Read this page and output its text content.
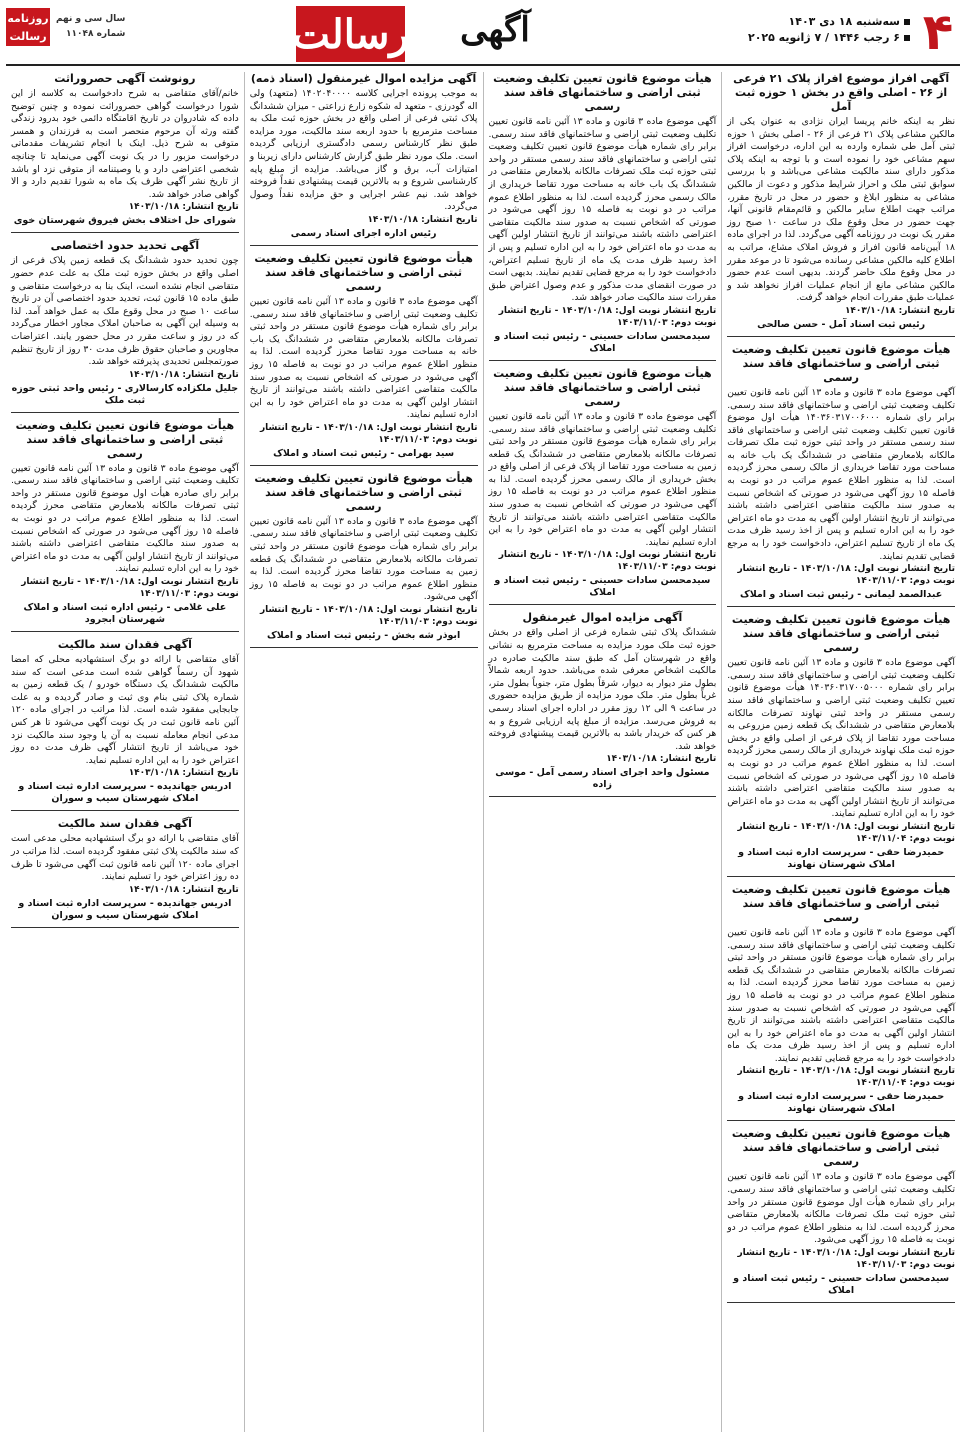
۴
سه‌شنبه ۱۸ دی ۱۴۰۳
۶ رجب ۱۴۴۶ / ۷ ژانویه ۲۰۲۵
آگهی
رسالت
روزنامه رسالت
سال سی و نهم
شماره ۱۱۰۴۸
آگهی افراز موضوع افراز پلاک ۲۱ فرعی از ۲۶ - اصلی واقع در بخش ۱ حوزه ثبت آمل
نظر به اینکه خانم پریسا ایران نژادی به عنوان یکی از مالکین مشاعی پلاک ۲۱ فرعی از ۲۶ - اصلی بخش ۱ حوزه ثبتی آمل طی شماره وارده به این اداره، درخواست افراز سهم مشاعی خود را نموده است و با توجه به اینکه پلاک مذکور دارای سند مالکیت مشاعی می‌باشد و با بررسی سوابق ثبتی ملک و احراز شرایط مذکور و دعوت از مالکین مشاعی به منظور ابلاغ و حضور در محل در تاریخ مقرر، مراتب جهت اطلاع سایر مالکین و قائم‌مقام قانونی آنها، جهت حضور در محل وقوع ملک در ساعت ۱۰ صبح روز مقرر یک نوبت در روزنامه آگهی می‌گردد. لذا در اجرای ماده ۱۸ آیین‌نامه قانون افراز و فروش املاک مشاع، مراتب به اطلاع کلیه مالکین مشاعی رسانده می‌شود تا در موعد مقرر در محل وقوع ملک حاضر گردند. بدیهی است عدم حضور مالکین مشاعی مانع از انجام عملیات افراز نخواهد شد و عملیات طبق مقررات انجام خواهد گرفت.
تاریخ انتشار: ۱۴۰۳/۱۰/۱۸
رئیس ثبت اسناد آمل - حسن صالحی
هیأت موضوع قانون تعیین تکلیف وضعیت ثبتی اراضی و ساختمانهای فاقد سند رسمی
آگهی موضوع ماده ۳ قانون و ماده ۱۳ آئین نامه قانون تعیین تکلیف وضعیت ثبتی اراضی و ساختمانهای فاقد سند رسمی. برابر رای شماره ۱۴۰۳۶۰۳۱۷۰۰۶۰۰۰ هیأت اول موضوع قانون تعیین تکلیف وضعیت ثبتی اراضی و ساختمانهای فاقد سند رسمی مستقر در واحد ثبتی حوزه ثبت ملک تصرفات مالکانه بلامعارض متقاضی در ششدانگ یک باب خانه به مساحت مورد تقاضا خریداری از مالک رسمی محرز گردیده است. لذا به منظور اطلاع عموم مراتب در دو نوبت به فاصله ۱۵ روز آگهی می‌شود در صورتی که اشخاص نسبت به صدور سند مالکیت متقاضی اعتراضی داشته باشند می‌توانند از تاریخ انتشار اولین آگهی به مدت دو ماه اعتراض خود را به این اداره تسلیم و پس از اخذ رسید ظرف مدت یک ماه از تاریخ تسلیم اعتراض، دادخواست خود را به مرجع قضایی تقدیم نمایند.
تاریخ انتشار نوبت اول: ۱۴۰۳/۱۰/۱۸ - تاریخ انتشار نوبت دوم: ۱۴۰۳/۱۱/۰۳
عبدالصمد لیمانی - رئیس ثبت اسناد و املاک
هیأت موضوع قانون تعیین تکلیف وضعیت ثبتی اراضی و ساختمانهای فاقد سند رسمی
آگهی موضوع ماده ۳ قانون و ماده ۱۳ آئین نامه قانون تعیین تکلیف وضعیت ثبتی اراضی و ساختمانهای فاقد سند رسمی. برابر رای شماره ۱۴۰۳۶۰۳۱۷۰۰۵۰۰۰ هیأت موضوع قانون تعیین تکلیف وضعیت ثبتی اراضی و ساختمانهای فاقد سند رسمی مستقر در واحد ثبتی نهاوند تصرفات مالکانه بلامعارض متقاضی در ششدانگ یک قطعه زمین مزروعی به مساحت مورد تقاضا از پلاک فرعی از اصلی واقع در بخش حوزه ثبت ملک نهاوند خریداری از مالک رسمی محرز گردیده است. لذا به منظور اطلاع عموم مراتب در دو نوبت به فاصله ۱۵ روز آگهی می‌شود در صورتی که اشخاص نسبت به صدور سند مالکیت متقاضی اعتراضی داشته باشند می‌توانند از تاریخ انتشار اولین آگهی به مدت دو ماه اعتراض خود را به این اداره تسلیم نمایند.
تاریخ انتشار نوبت اول: ۱۴۰۳/۱۰/۱۸ - تاریخ انتشار نوبت دوم: ۱۴۰۳/۱۱/۰۴
حمیدرضا حقی - سرپرست اداره ثبت اسناد و املاک شهرستان نهاوند
هیأت موضوع قانون تعیین تکلیف وضعیت ثبتی اراضی و ساختمانهای فاقد سند رسمی
آگهی موضوع ماده ۳ قانون و ماده ۱۳ آئین نامه قانون تعیین تکلیف وضعیت ثبتی اراضی و ساختمانهای فاقد سند رسمی. برابر رای شماره هیأت موضوع قانون مستقر در واحد ثبتی تصرفات مالکانه بلامعارض متقاضی در ششدانگ یک قطعه زمین به مساحت مورد تقاضا محرز گردیده است. لذا به منظور اطلاع عموم مراتب در دو نوبت به فاصله ۱۵ روز آگهی می‌شود در صورتی که اشخاص نسبت به صدور سند مالکیت متقاضی اعتراضی داشته باشند می‌توانند از تاریخ انتشار اولین آگهی به مدت دو ماه اعتراض خود را به این اداره تسلیم و پس از اخذ رسید ظرف مدت یک ماه دادخواست خود را به مرجع قضایی تقدیم نمایند.
تاریخ انتشار نوبت اول: ۱۴۰۳/۱۰/۱۸ - تاریخ انتشار نوبت دوم: ۱۴۰۳/۱۱/۰۴
حمیدرضا حقی - سرپرست اداره ثبت اسناد و املاک شهرستان نهاوند
هیأت موضوع قانون تعیین تکلیف وضعیت ثبتی اراضی و ساختمانهای فاقد سند رسمی
آگهی موضوع ماده ۳ قانون و ماده ۱۳ آئین نامه قانون تعیین تکلیف وضعیت ثبتی اراضی و ساختمانهای فاقد سند رسمی. برابر رای شماره هیأت اول موضوع قانون مستقر در واحد ثبتی حوزه ثبت ملک تصرفات مالکانه بلامعارض متقاضی محرز گردیده است. لذا به منظور اطلاع عموم مراتب در دو نوبت به فاصله ۱۵ روز آگهی می‌شود.
تاریخ انتشار نوبت اول: ۱۴۰۳/۱۰/۱۸ - تاریخ انتشار نوبت دوم: ۱۴۰۳/۱۱/۰۳
سیدمحسن سادات حسینی - رئیس ثبت اسناد و املاک
هیأت موضوع قانون تعیین تکلیف وضعیت ثبتی اراضی و ساختمانهای فاقد سند رسمی
آگهی موضوع ماده ۳ قانون و ماده ۱۳ آئین نامه قانون تعیین تکلیف وضعیت ثبتی اراضی و ساختمانهای فاقد سند رسمی. برابر رای شماره هیأت موضوع قانون تعیین تکلیف وضعیت ثبتی اراضی و ساختمانهای فاقد سند رسمی مستقر در واحد ثبتی حوزه ثبت ملک تصرفات مالکانه بلامعارض متقاضی در ششدانگ یک باب خانه به مساحت مورد تقاضا خریداری از مالک رسمی محرز گردیده است. لذا به منظور اطلاع عموم مراتب در دو نوبت به فاصله ۱۵ روز آگهی می‌شود در صورتی که اشخاص نسبت به صدور سند مالکیت متقاضی اعتراضی داشته باشند می‌توانند از تاریخ انتشار اولین آگهی به مدت دو ماه اعتراض خود را به این اداره تسلیم و پس از اخذ رسید ظرف مدت یک ماه از تاریخ تسلیم اعتراض، دادخواست خود را به مرجع قضایی تقدیم نمایند. بدیهی است در صورت انقضای مدت مذکور و عدم وصول اعتراض طبق مقررات سند مالکیت صادر خواهد شد.
تاریخ انتشار نوبت اول: ۱۴۰۳/۱۰/۱۸ - تاریخ انتشار نوبت دوم: ۱۴۰۳/۱۱/۰۳
سیدمحسن سادات حسینی - رئیس ثبت اسناد و املاک
هیأت موضوع قانون تعیین تکلیف وضعیت ثبتی اراضی و ساختمانهای فاقد سند رسمی
آگهی موضوع ماده ۳ قانون و ماده ۱۳ آئین نامه قانون تعیین تکلیف وضعیت ثبتی اراضی و ساختمانهای فاقد سند رسمی. برابر رای شماره هیأت موضوع قانون مستقر در واحد ثبتی تصرفات مالکانه بلامعارض متقاضی در ششدانگ یک قطعه زمین به مساحت مورد تقاضا از پلاک فرعی از اصلی واقع در بخش خریداری از مالک رسمی محرز گردیده است. لذا به منظور اطلاع عموم مراتب در دو نوبت به فاصله ۱۵ روز آگهی می‌شود در صورتی که اشخاص نسبت به صدور سند مالکیت متقاضی اعتراضی داشته باشند می‌توانند از تاریخ انتشار اولین آگهی به مدت دو ماه اعتراض خود را به این اداره تسلیم نمایند.
تاریخ انتشار نوبت اول: ۱۴۰۳/۱۰/۱۸ - تاریخ انتشار نوبت دوم: ۱۴۰۳/۱۱/۰۳
سیدمحسن سادات حسینی - رئیس ثبت اسناد و املاک
آگهی مزایده اموال غیرمنقول
ششدانگ پلاک ثبتی شماره فرعی از اصلی واقع در بخش حوزه ثبت ملک مورد مزایده به مساحت مترمربع به نشانی واقع در شهرستان آمل که طبق سند مالکیت صادره در مالکیت اشخاص معرفی شده می‌باشد. حدود اربعه شمالاً بطول متر دیوار به دیوار، شرقاً بطول متر، جنوباً بطول متر، غرباً بطول متر. ملک مورد مزایده از طریق مزایده حضوری در ساعت ۹ الی ۱۲ روز مقرر در اداره اجرای اسناد رسمی به فروش می‌رسد. مزایده از مبلغ پایه ارزیابی شروع و به هر کس که خریدار باشد به بالاترین قیمت پیشنهادی فروخته خواهد شد.
تاریخ انتشار: ۱۴۰۳/۱۰/۱۸
مسئول واحد اجرای اسناد رسمی آمل - موسی زاده
آگهی مزایده اموال غیرمنقول (اسناد ذمه)
به موجب پرونده اجرایی کلاسه ۱۴۰۲۰۴۰۰۰۰ (متعهد) ولی اله گودرزی - متعهد له شکوه زارع زراعتی - میزان ششدانگ پلاک ثبتی فرعی از اصلی واقع در بخش حوزه ثبت ملک به مساحت مترمربع با حدود اربعه سند مالکیت، مورد مزایده طبق نظر کارشناس رسمی دادگستری ارزیابی گردیده است. ملک مورد نظر طبق گزارش کارشناس دارای زیربنا و امتیازات آب، برق و گاز می‌باشد. مزایده از مبلغ پایه کارشناسی شروع و به بالاترین قیمت پیشنهادی نقداً فروخته خواهد شد. نیم عشر اجرایی و حق مزایده نقداً وصول می‌گردد.
تاریخ انتشار: ۱۴۰۳/۱۰/۱۸
رئیس اداره اجرای اسناد رسمی
هیأت موضوع قانون تعیین تکلیف وضعیت ثبتی اراضی و ساختمانهای فاقد سند رسمی
آگهی موضوع ماده ۳ قانون و ماده ۱۳ آئین نامه قانون تعیین تکلیف وضعیت ثبتی اراضی و ساختمانهای فاقد سند رسمی. برابر رای شماره هیأت موضوع قانون مستقر در واحد ثبتی تصرفات مالکانه بلامعارض متقاضی در ششدانگ یک باب خانه به مساحت مورد تقاضا محرز گردیده است. لذا به منظور اطلاع عموم مراتب در دو نوبت به فاصله ۱۵ روز آگهی می‌شود در صورتی که اشخاص نسبت به صدور سند مالکیت متقاضی اعتراضی داشته باشند می‌توانند از تاریخ انتشار اولین آگهی به مدت دو ماه اعتراض خود را به این اداره تسلیم نمایند.
تاریخ انتشار نوبت اول: ۱۴۰۳/۱۰/۱۸ - تاریخ انتشار نوبت دوم: ۱۴۰۳/۱۱/۰۳
سید بهرامی - رئیس ثبت اسناد و املاک
هیأت موضوع قانون تعیین تکلیف وضعیت ثبتی اراضی و ساختمانهای فاقد سند رسمی
آگهی موضوع ماده ۳ قانون و ماده ۱۳ آئین نامه قانون تعیین تکلیف وضعیت ثبتی اراضی و ساختمانهای فاقد سند رسمی. برابر رای شماره هیأت موضوع قانون مستقر در واحد ثبتی تصرفات مالکانه بلامعارض متقاضی در ششدانگ یک قطعه زمین به مساحت مورد تقاضا محرز گردیده است. لذا به منظور اطلاع عموم مراتب در دو نوبت به فاصله ۱۵ روز آگهی می‌شود.
تاریخ انتشار نوبت اول: ۱۴۰۳/۱۰/۱۸ - تاریخ انتشار نوبت دوم: ۱۴۰۳/۱۱/۰۳
ابوذر شه بخش - رئیس ثبت اسناد و املاک
رونوشت آگهی حصروراثت
خانم/آقای متقاضی به شرح دادخواست به کلاسه از این شورا درخواست گواهی حصروراثت نموده و چنین توضیح داده که شادروان در تاریخ اقامتگاه دائمی خود بدرود زندگی گفته ورثه آن مرحوم منحصر است به فرزندان و همسر متوفی به شرح ذیل. اینک با انجام تشریفات مقدماتی درخواست مزبور را در یک نوبت آگهی می‌نماید تا چنانچه شخصی اعتراضی دارد و یا وصیتنامه از متوفی نزد او باشد از تاریخ نشر آگهی ظرف یک ماه به شورا تقدیم دارد و الا گواهی صادر خواهد شد.
تاریخ انتشار: ۱۴۰۳/۱۰/۱۸
شورای حل اختلاف بخش فیروق شهرستان خوی
آگهی تحدید حدود اختصاصی
چون تحدید حدود ششدانگ یک قطعه زمین پلاک فرعی از اصلی واقع در بخش حوزه ثبت ملک به علت عدم حضور متقاضی انجام نشده است، اینک بنا به درخواست متقاضی و طبق ماده ۱۵ قانون ثبت، تحدید حدود اختصاصی آن در تاریخ ساعت ۱۰ صبح در محل وقوع ملک به عمل خواهد آمد. لذا به وسیله این آگهی به صاحبان املاک مجاور اخطار می‌گردد که در روز و ساعت مقرر در محل حضور یابند. اعتراضات مجاورین و صاحبان حقوق ظرف مدت ۳۰ روز از تاریخ تنظیم صورتمجلس تحدیدی پذیرفته خواهد شد.
تاریخ انتشار: ۱۴۰۳/۱۰/۱۸
جلیل ملکزاده کارسالاری - رئیس واحد ثبتی حوزه ثبت ملک
هیأت موضوع قانون تعیین تکلیف وضعیت ثبتی اراضی و ساختمانهای فاقد سند رسمی
آگهی موضوع ماده ۳ قانون و ماده ۱۳ آئین نامه قانون تعیین تکلیف وضعیت ثبتی اراضی و ساختمانهای فاقد سند رسمی. برابر رای صادره هیأت اول موضوع قانون مستقر در واحد ثبتی تصرفات مالکانه بلامعارض متقاضی محرز گردیده است. لذا به منظور اطلاع عموم مراتب در دو نوبت به فاصله ۱۵ روز آگهی می‌شود در صورتی که اشخاص نسبت به صدور سند مالکیت متقاضی اعتراضی داشته باشند می‌توانند از تاریخ انتشار اولین آگهی به مدت دو ماه اعتراض خود را به این اداره تسلیم نمایند.
تاریخ انتشار نوبت اول: ۱۴۰۳/۱۰/۱۸ - تاریخ انتشار نوبت دوم: ۱۴۰۳/۱۱/۰۳
علی غلامی - رئیس اداره ثبت اسناد و املاک شهرستان ابجرود
آگهی فقدان سند مالکیت
آقای متقاضی با ارائه دو برگ استشهادیه محلی که امضا شهود آن رسماً گواهی شده است مدعی است که سند مالکیت ششدانگ یک دستگاه خودرو / یک قطعه زمین به شماره پلاک ثبتی بنام وی ثبت و صادر گردیده و به علت جابجایی مفقود شده است. لذا مراتب در اجرای ماده ۱۲۰ آئین نامه قانون ثبت در یک نوبت آگهی می‌شود تا هر کس مدعی انجام معامله نسبت به آن یا وجود سند مالکیت نزد خود می‌باشد از تاریخ انتشار آگهی ظرف مدت ده روز اعتراض خود را به این اداره تسلیم نماید.
تاریخ انتشار: ۱۴۰۳/۱۰/۱۸
ادریس جهاندیده - سرپرست اداره ثبت اسناد و املاک شهرستان سیب و سوران
آگهی فقدان سند مالکیت
آقای متقاضی با ارائه دو برگ استشهادیه محلی مدعی است که سند مالکیت پلاک ثبتی مفقود گردیده است. لذا مراتب در اجرای ماده ۱۲۰ آئین نامه قانون ثبت آگهی می‌شود تا ظرف ده روز اعتراض خود را تسلیم نمایند.
تاریخ انتشار: ۱۴۰۳/۱۰/۱۸
ادریس جهاندیده - سرپرست اداره ثبت اسناد و املاک شهرستان سیب و سوران
